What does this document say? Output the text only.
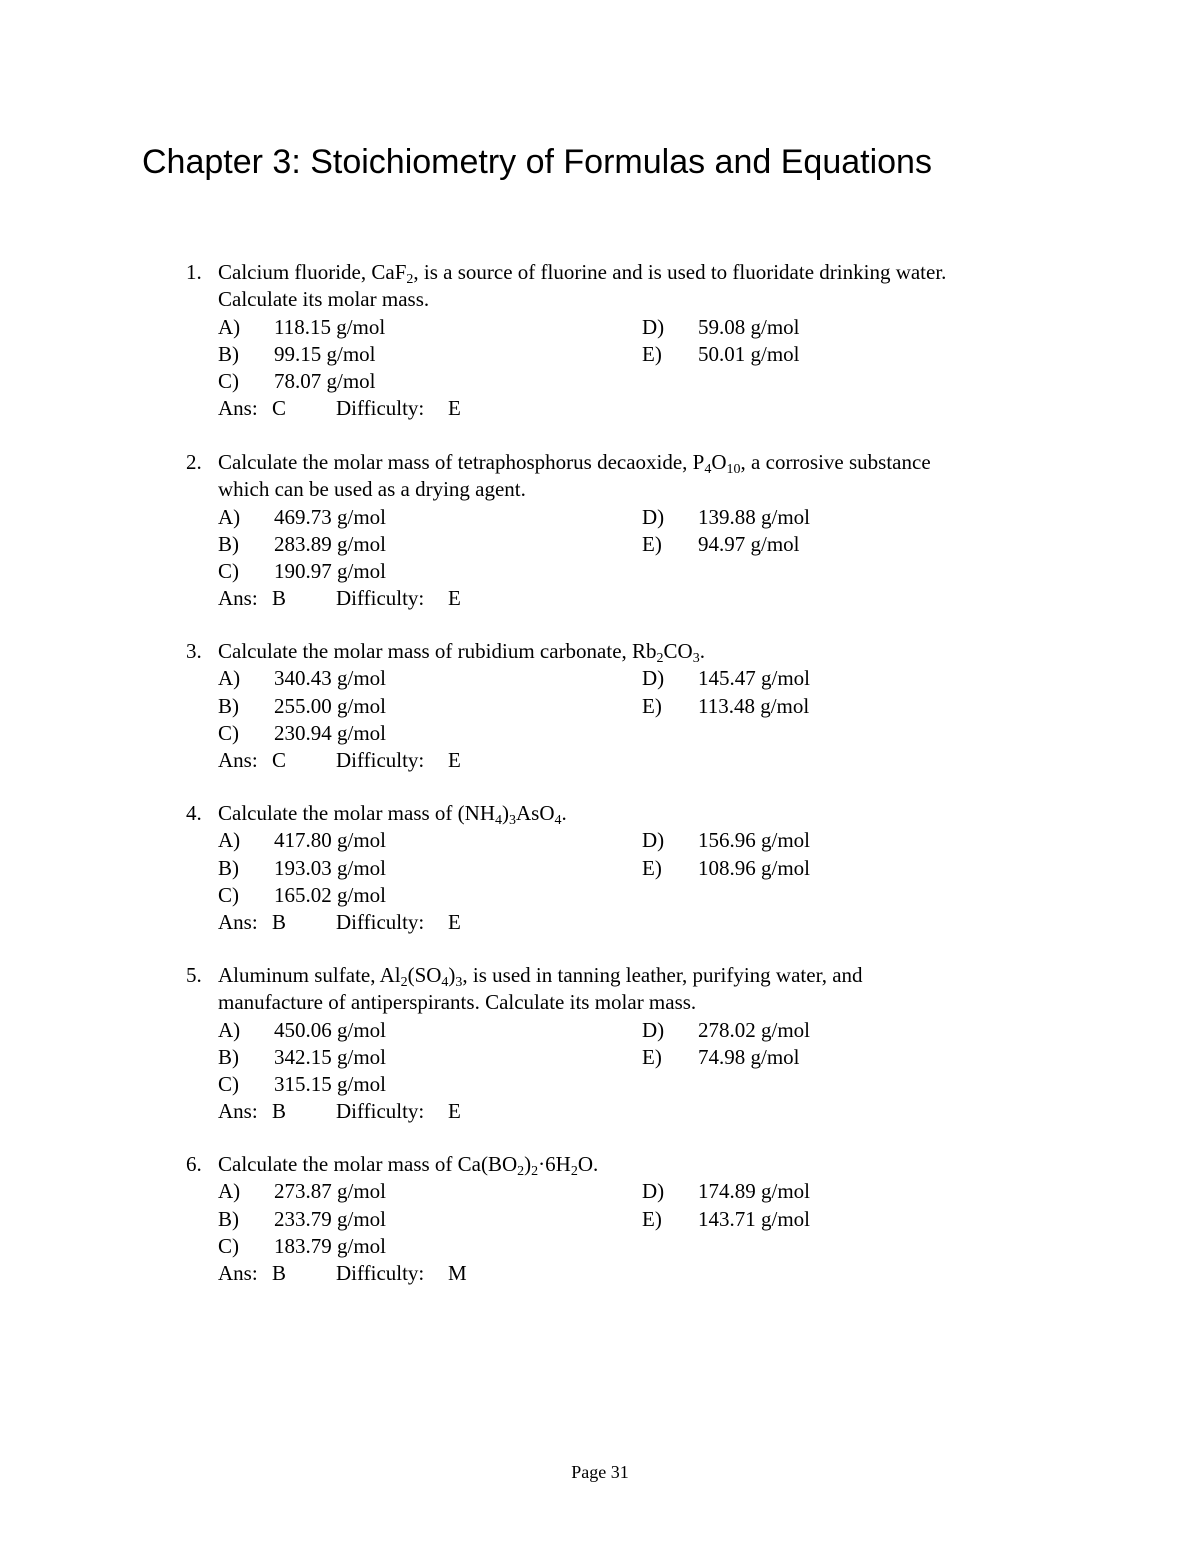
Chapter 3: Stoichiometry of Formulas and Equations
1. Calcium fluoride, CaF$_2$, is a source of fluorine and is used to fluoridate drinking water.
Calculate its molar mass.
A) 118.15 g/mol	D) 59.08 g/mol
B) 99.15 g/mol	E) 50.01 g/mol
C) 78.07 g/mol
Ans: C Difficulty: E
2. Calculate the molar mass of tetraphosphorus decaoxide, $P_4O_{10}$, a corrosive substance
which can be used as a drying agent.
A) 469.73 g/mol	D) 139.88 g/mol
B) 283.89 g/mol	E) 94.97 g/mol
C) 190.97 g/mol
Ans: B Difficulty: E
3. Calculate the molar mass of rubidium carbonate, $Rb_2CO_3$.
A) 340.43 g/mol	D) 145.47 g/mol
B) 255.00 g/mol	E) 113.48 g/mol
C) 230.94 g/mol
Ans: C Difficulty: E
4. Calculate the molar mass of $(NH_4)_3AsO_4$.
A) 417.80 g/mol	D) 156.96 g/mol
B) 193.03 g/mol	E) 108.96 g/mol
C) 165.02 g/mol
Ans: B Difficulty: E
5. Aluminum sulfate, $Al_2(SO_4)_3$, is used in tanning leather, purifying water, and
manufacture of antiperspirants. Calculate its molar mass.
A) 450.06 g/mol	D) 278.02 g/mol
B) 342.15 g/mol	E) 74.98 g/mol
C) 315.15 g/mol
Ans: B Difficulty: E
6. Calculate the molar mass of $Ca(BO_2)_2\cdot 6H_2O$.
A) 273.87 g/mol	D) 174.89 g/mol
B) 233.79 g/mol	E) 143.71 g/mol
C) 183.79 g/mol
Ans: B Difficulty: M
Page 31
